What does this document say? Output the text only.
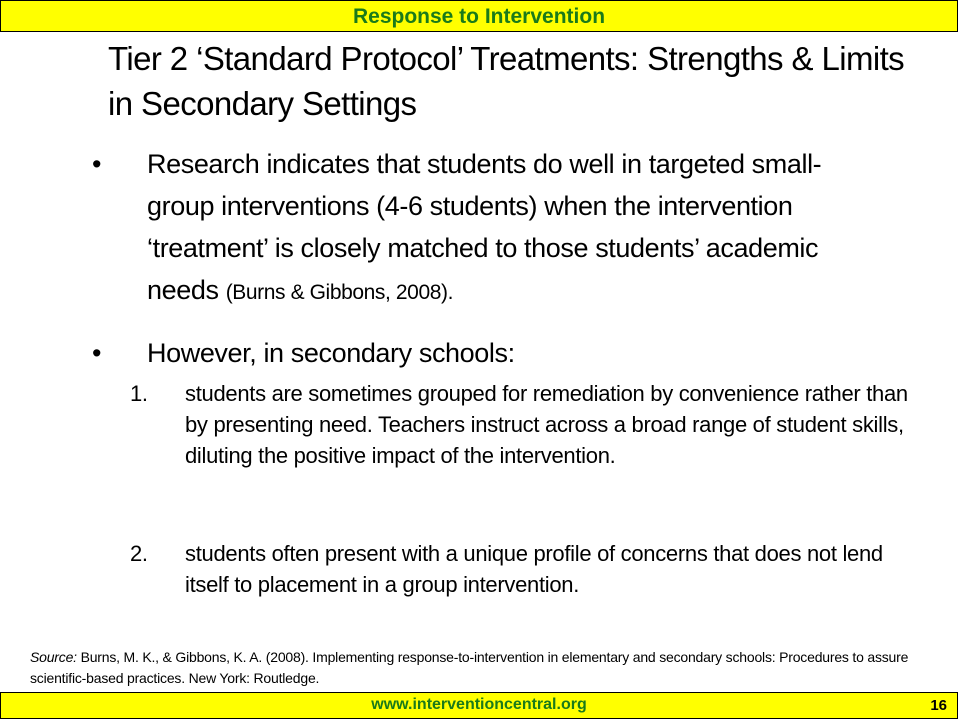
Response to Intervention
Tier 2 ‘Standard Protocol’ Treatments: Strengths & Limits in Secondary Settings
• Research indicates that students do well in targeted small-group interventions (4-6 students) when the intervention ‘treatment’ is closely matched to those students’ academic needs (Burns & Gibbons, 2008).
• However, in secondary schools:
1. students are sometimes grouped for remediation by convenience rather than by presenting need. Teachers instruct across a broad range of student skills, diluting the positive impact of the intervention.
2. students often present with a unique profile of concerns that does not lend itself to placement in a group intervention.
Source: Burns, M. K., & Gibbons, K. A. (2008). Implementing response-to-intervention in elementary and secondary schools: Procedures to assure scientific-based practices. New York: Routledge.
www.interventioncentral.org	16
